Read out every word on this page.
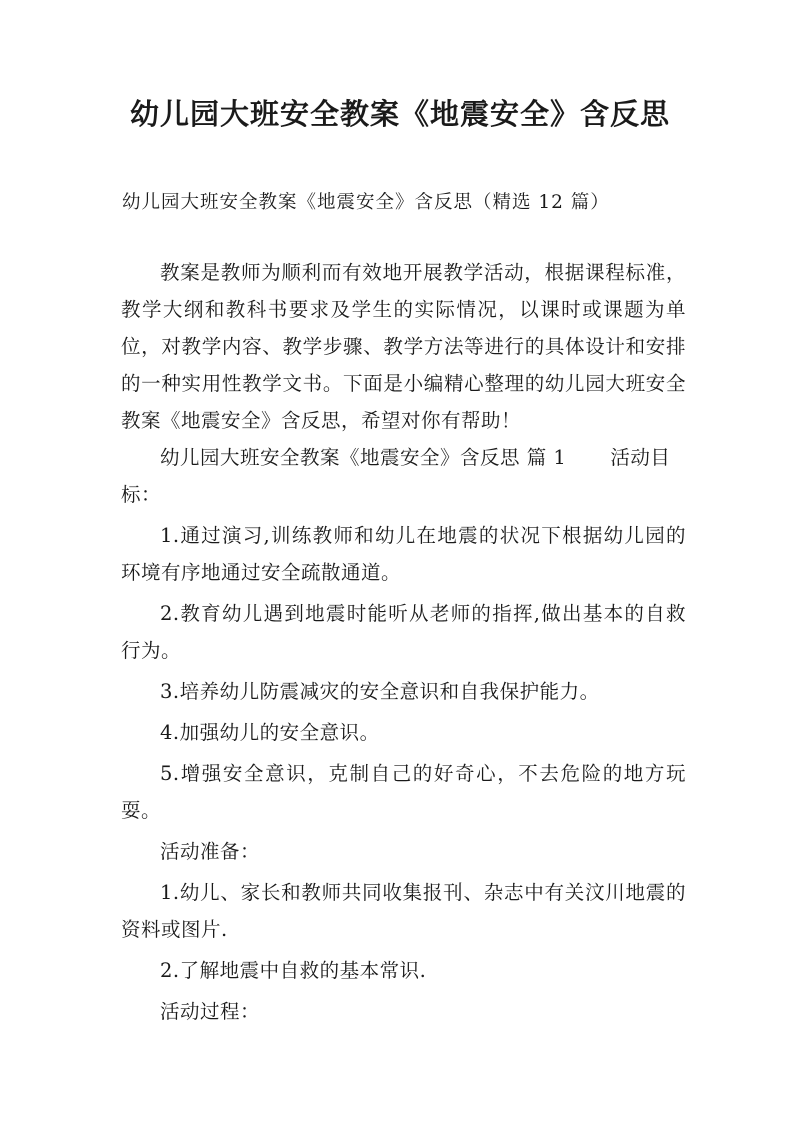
幼儿园大班安全教案《地震安全》含反思

幼儿园大班安全教案《地震安全》含反思（精选 12 篇）

教案是教师为顺利而有效地开展教学活动，根据课程标准，教学大纲和教科书要求及学生的实际情况，以课时或课题为单位，对教学内容、教学步骤、教学方法等进行的具体设计和安排的一种实用性教学文书。下面是小编精心整理的幼儿园大班安全教案《地震安全》含反思，希望对你有帮助！

幼儿园大班安全教案《地震安全》含反思 篇 1 活动目标：

1.通过演习,训练教师和幼儿在地震的状况下根据幼儿园的环境有序地通过安全疏散通道。

2.教育幼儿遇到地震时能听从老师的指挥,做出基本的自救行为。

3.培养幼儿防震减灾的安全意识和自我保护能力。

4.加强幼儿的安全意识。

5.增强安全意识，克制自己的好奇心，不去危险的地方玩耍。

活动准备：

1.幼儿、家长和教师共同收集报刊、杂志中有关汶川地震的资料或图片.

2.了解地震中自救的基本常识.

活动过程：
